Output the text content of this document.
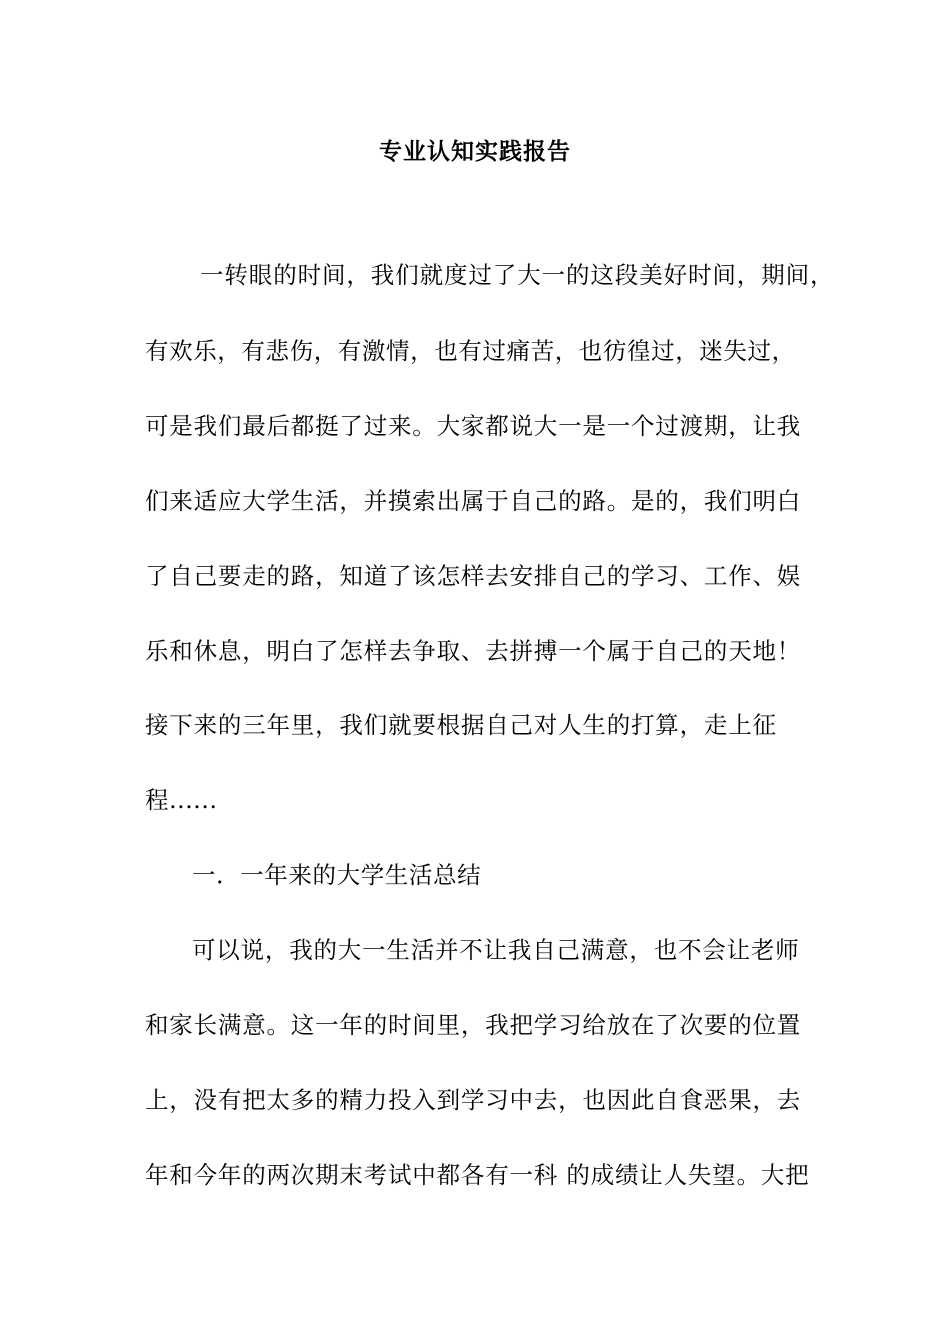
专业认知实践报告
一转眼的时间，我们就度过了大一的这段美好时间，期间，
有欢乐，有悲伤，有激情，也有过痛苦，也彷徨过，迷失过，
可是我们最后都挺了过来。大家都说大一是一个过渡期，让我
们来适应大学生活，并摸索出属于自己的路。是的，我们明白
了自己要走的路，知道了该怎样去安排自己的学习、工作、娱
乐和休息，明白了怎样去争取、去拼搏一个属于自己的天地！
接下来的三年里，我们就要根据自己对人生的打算，走上征
程......
一．一年来的大学生活总结
可以说，我的大一生活并不让我自己满意，也不会让老师
和家长满意。这一年的时间里，我把学习给放在了次要的位置
上，没有把太多的精力投入到学习中去，也因此自食恶果，去
年和今年的两次期末考试中都各有一科 的成绩让人失望。大把
